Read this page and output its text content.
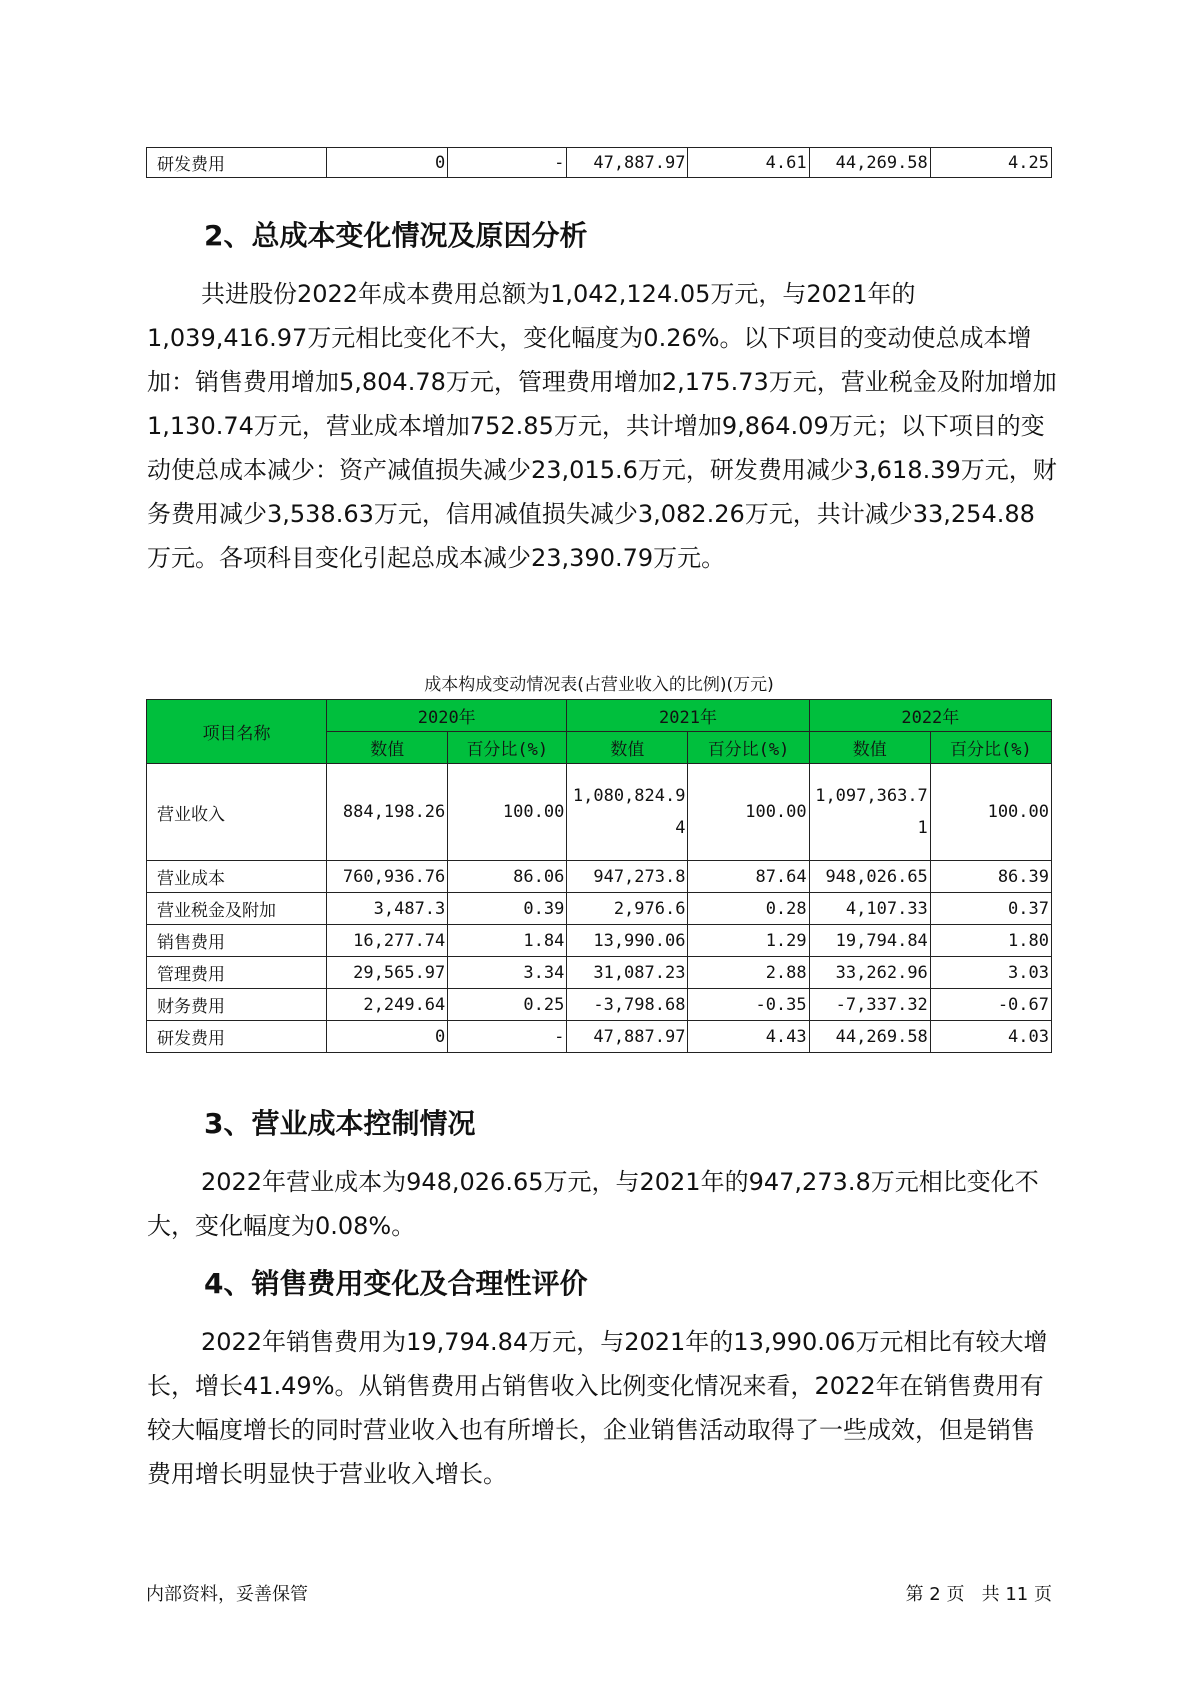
研发费用	0	-	47,887.97	4.61	44,269.58	4.25
2、总成本变化情况及原因分析

共进股份2022年成本费用总额为1,042,124.05万元，与2021年的1,039,416.97万元相比变化不大，变化幅度为0.26%。以下项目的变动使总成本增加：销售费用增加5,804.78万元，管理费用增加2,175.73万元，营业税金及附加增加1,130.74万元，营业成本增加752.85万元，共计增加9,864.09万元；以下项目的变动使总成本减少：资产减值损失减少23,015.6万元，研发费用减少3,618.39万元，财务费用减少3,538.63万元，信用减值损失减少3,082.26万元，共计减少33,254.88万元。各项科目变化引起总成本减少23,390.79万元。

成本构成变动情况表(占营业收入的比例)(万元)
项目名称	2020年		2021年		2022年	
	数值	百分比(%)	数值	百分比(%)	数值	百分比(%)
营业收入	884,198.26	100.00	1,080,824.94	100.00	1,097,363.71	100.00
营业成本	760,936.76	86.06	947,273.8	87.64	948,026.65	86.39
营业税金及附加	3,487.3	0.39	2,976.6	0.28	4,107.33	0.37
销售费用	16,277.74	1.84	13,990.06	1.29	19,794.84	1.80
管理费用	29,565.97	3.34	31,087.23	2.88	33,262.96	3.03
财务费用	2,249.64	0.25	-3,798.68	-0.35	-7,337.32	-0.67
研发费用	0	-	47,887.97	4.43	44,269.58	4.03
3、营业成本控制情况

2022年营业成本为948,026.65万元，与2021年的947,273.8万元相比变化不大，变化幅度为0.08%。

4、销售费用变化及合理性评价

2022年销售费用为19,794.84万元，与2021年的13,990.06万元相比有较大增长，增长41.49%。从销售费用占销售收入比例变化情况来看，2022年在销售费用有较大幅度增长的同时营业收入也有所增长，企业销售活动取得了一些成效，但是销售费用增长明显快于营业收入增长。

内部资料，妥善保管	第 2 页   共 11 页
